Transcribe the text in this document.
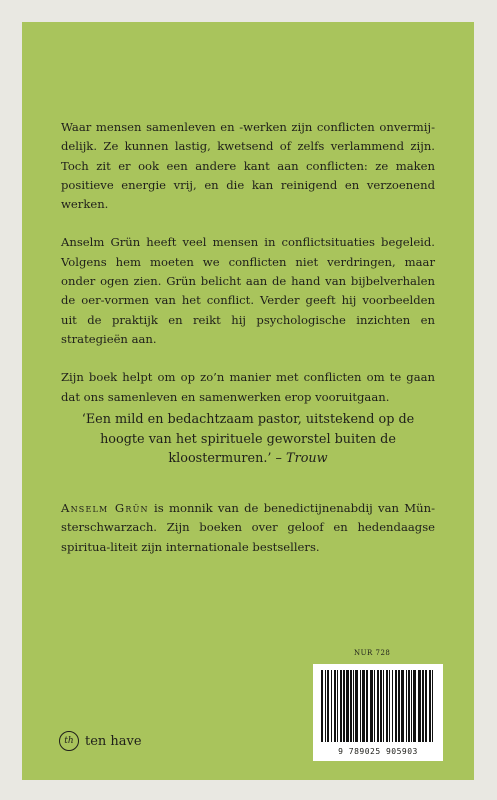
Waar mensen samenleven en -werken zijn conflicten onvermij-delijk. Ze kunnen lastig, kwetsend of zelfs verlammend zijn. Toch zit er ook een andere kant aan conflicten: ze maken positieve energie vrij, en die kan reinigend en verzoenend werken.

Anselm Grün heeft veel mensen in conflictsituaties begeleid. Volgens hem moeten we conflicten niet verdringen, maar onder ogen zien. Grün belicht aan de hand van bijbelverhalen de oer-vormen van het conflict. Verder geeft hij voorbeelden uit de praktijk en reikt hij psychologische inzichten en strategieën aan.

Zijn boek helpt om op zo’n manier met conflicten om te gaan dat ons samenleven en samenwerken erop vooruitgaan.

‘Een mild en bedachtzaam pastor, uitstekend op de hoogte van het spirituele geworstel buiten de kloostermuren.’ – Trouw
Anselm Grün is monnik van de benedictijnenabdij van Mün-sterschwarzach. Zijn boeken over geloof en hedendaagse spiritua-liteit zijn internationale bestsellers.
NUR 728
9 789025 905903
th ten have
